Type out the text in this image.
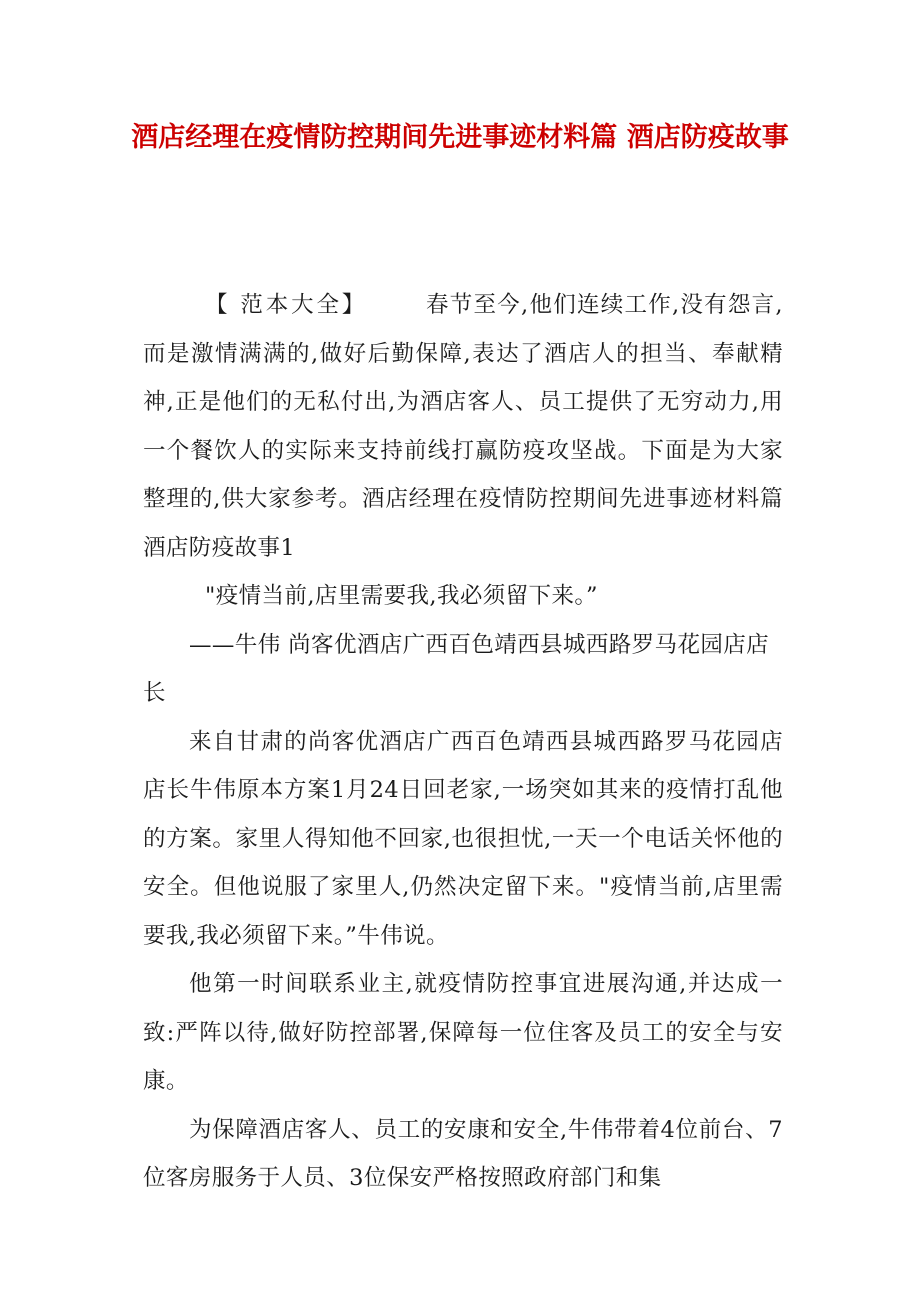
酒店经理在疫情防控期间先进事迹材料篇 酒店防疫故事

【 范本大全】	春节至今,他们连续工作,没有怨言,而是激情满满的,做好后勤保障,表达了酒店人的担当、奉献精神,正是他们的无私付出,为酒店客人、员工提供了无穷动力,用一个餐饮人的实际来支持前线打赢防疫攻坚战。下面是为大家整理的,供大家参考。酒店经理在疫情防控期间先进事迹材料篇 酒店防疫故事1

"疫情当前,店里需要我,我必须留下来。”

——牛伟 尚客优酒店广西百色靖西县城西路罗马花园店店长

来自甘肃的尚客优酒店广西百色靖西县城西路罗马花园店店长牛伟原本方案1月24日回老家,一场突如其来的疫情打乱他的方案。家里人得知他不回家,也很担忧,一天一个电话关怀他的安全。但他说服了家里人,仍然决定留下来。"疫情当前,店里需要我,我必须留下来。”牛伟说。

他第一时间联系业主,就疫情防控事宜进展沟通,并达成一致:严阵以待,做好防控部署,保障每一位住客及员工的安全与安康。

为保障酒店客人、员工的安康和安全,牛伟带着4位前台、7位客房服务于人员、3位保安严格按照政府部门和集
